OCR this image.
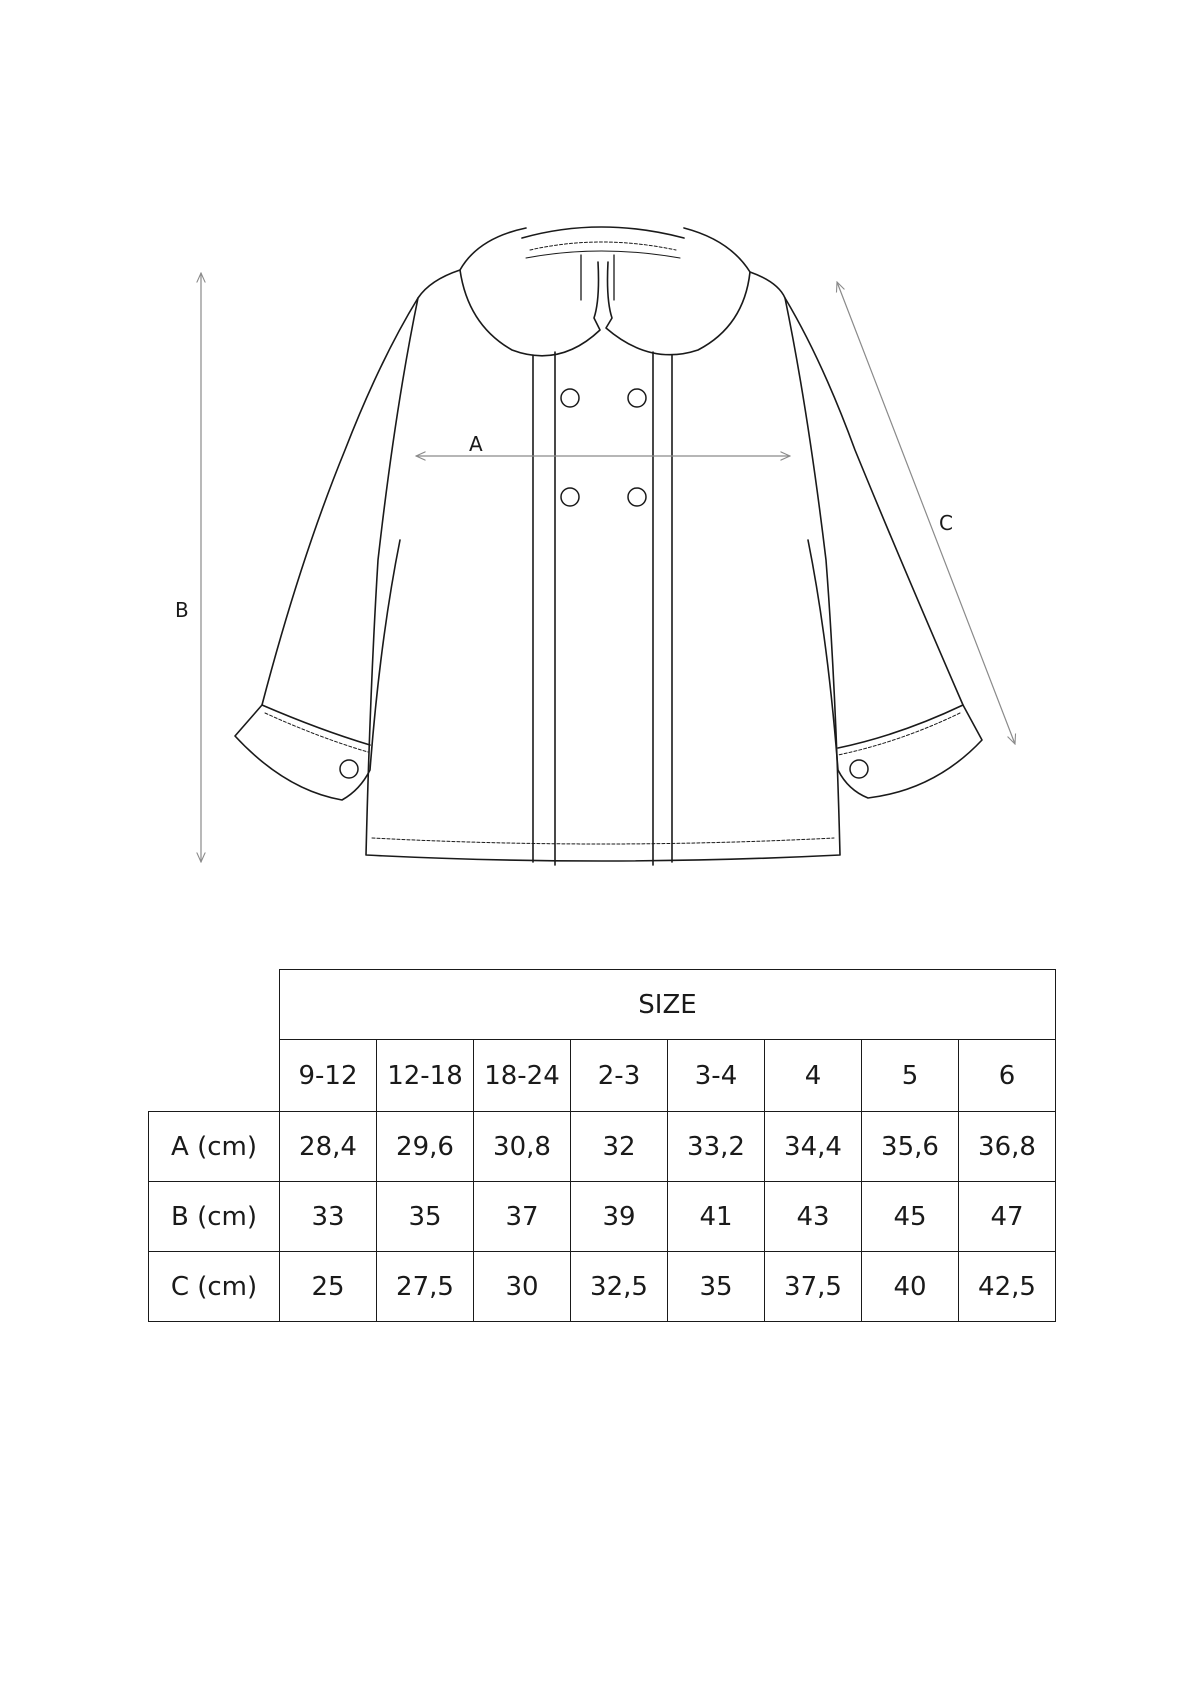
A
B
C
	SIZE							
	9-12	12-18	18-24	2-3	3-4	4	5	6
A (cm)	28,4	29,6	30,8	32	33,2	34,4	35,6	36,8
B (cm)	33	35	37	39	41	43	45	47
C (cm)	25	27,5	30	32,5	35	37,5	40	42,5
